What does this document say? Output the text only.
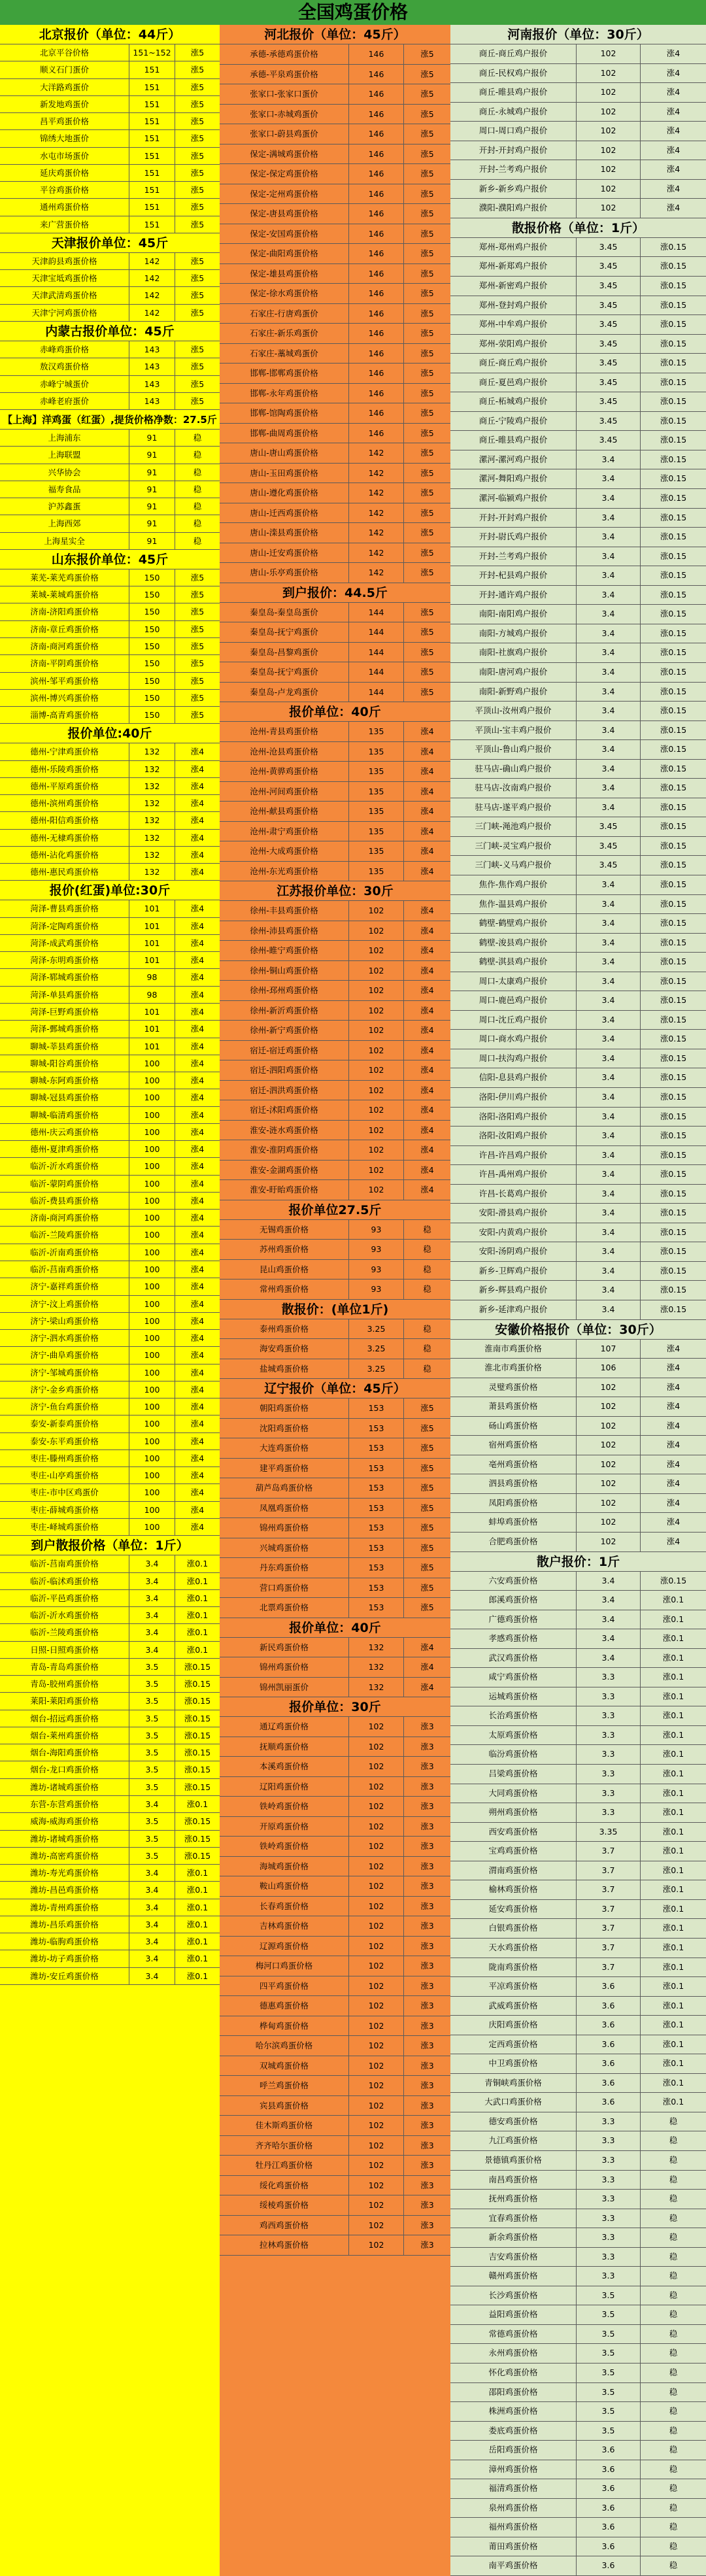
全国鸡蛋价格
北京报价（单位：44斤）
北京平谷价格	151~152	涨5
顺义石门蛋价	151	涨5
大洋路鸡蛋价	151	涨5
新发地鸡蛋价	151	涨5
昌平鸡蛋价格	151	涨5
锦绣大地蛋价	151	涨5
水屯市场蛋价	151	涨5
延庆鸡蛋价格	151	涨5
平谷鸡蛋价格	151	涨5
通州鸡蛋价格	151	涨5
来广营蛋价格	151	涨5
天津报价单位：45斤
天津韵县鸡蛋价格	142	涨5
天津宝坻鸡蛋价格	142	涨5
天津武清鸡蛋价格	142	涨5
天津宁河鸡蛋价格	142	涨5
内蒙古报价单位：45斤
赤峰鸡蛋价格	143	涨5
敖汉鸡蛋价格	143	涨5
赤峰宁城蛋价	143	涨5
赤峰老府蛋价	143	涨5
【上海】洋鸡蛋（红蛋）,提货价格净数：27.5斤
上海浦东	91	稳
上海联盟	91	稳
兴华协会	91	稳
福寿食品	91	稳
沪苏鑫蛋	91	稳
上海西郊	91	稳
上海星实全	91	稳
山东报价单位：45斤
莱芜-莱芜鸡蛋价格	150	涨5
莱城-莱城鸡蛋价格	150	涨5
济南-济阳鸡蛋价格	150	涨5
济南-章丘鸡蛋价格	150	涨5
济南-商河鸡蛋价格	150	涨5
济南-平阴鸡蛋价格	150	涨5
滨州-邹平鸡蛋价格	150	涨5
滨州-博兴鸡蛋价格	150	涨5
淄博-高青鸡蛋价格	150	涨5
报价单位:40斤
德州-宁津鸡蛋价格	132	涨4
德州-乐陵鸡蛋价格	132	涨4
德州-平原鸡蛋价格	132	涨4
德州-滨州鸡蛋价格	132	涨4
德州-阳信鸡蛋价格	132	涨4
德州-无棣鸡蛋价格	132	涨4
德州-沾化鸡蛋价格	132	涨4
德州-惠民鸡蛋价格	132	涨4
报价(红蛋)单位:30斤
菏泽-曹县鸡蛋价格	101	涨4
菏泽-定陶鸡蛋价格	101	涨4
菏泽-成武鸡蛋价格	101	涨4
菏泽-东明鸡蛋价格	101	涨4
菏泽-郓城鸡蛋价格	98	涨4
菏泽-单县鸡蛋价格	98	涨4
菏泽-巨野鸡蛋价格	101	涨4
菏泽-鄄城鸡蛋价格	101	涨4
聊城-莘县鸡蛋价格	101	涨4
聊城-阳谷鸡蛋价格	100	涨4
聊城-东阿鸡蛋价格	100	涨4
聊城-冠县鸡蛋价格	100	涨4
聊城-临清鸡蛋价格	100	涨4
德州-庆云鸡蛋价格	100	涨4
德州-夏津鸡蛋价格	100	涨4
临沂-沂水鸡蛋价格	100	涨4
临沂-蒙阴鸡蛋价格	100	涨4
临沂-费县鸡蛋价格	100	涨4
济南-商河鸡蛋价格	100	涨4
临沂-兰陵鸡蛋价格	100	涨4
临沂-沂南鸡蛋价格	100	涨4
临沂-莒南鸡蛋价格	100	涨4
济宁-嘉祥鸡蛋价格	100	涨4
济宁-汶上鸡蛋价格	100	涨4
济宁-梁山鸡蛋价格	100	涨4
济宁-泗水鸡蛋价格	100	涨4
济宁-曲阜鸡蛋价格	100	涨4
济宁-邹城鸡蛋价格	100	涨4
济宁-金乡鸡蛋价格	100	涨4
济宁-鱼台鸡蛋价格	100	涨4
泰安-新泰鸡蛋价格	100	涨4
泰安-东平鸡蛋价格	100	涨4
枣庄-滕州鸡蛋价格	100	涨4
枣庄-山亭鸡蛋价格	100	涨4
枣庄-市中区鸡蛋价	100	涨4
枣庄-薛城鸡蛋价格	100	涨4
枣庄-峄城鸡蛋价格	100	涨4
到户散报价格（单位：1斤）
临沂-莒南鸡蛋价格	3.4	涨0.1
临沂-临沭鸡蛋价格	3.4	涨0.1
临沂-平邑鸡蛋价格	3.4	涨0.1
临沂-沂水鸡蛋价格	3.4	涨0.1
临沂-兰陵鸡蛋价格	3.4	涨0.1
日照-日照鸡蛋价格	3.4	涨0.1
青岛-青岛鸡蛋价格	3.5	涨0.15
青岛-胶州鸡蛋价格	3.5	涨0.15
莱阳-莱阳鸡蛋价格	3.5	涨0.15
烟台-招远鸡蛋价格	3.5	涨0.15
烟台-莱州鸡蛋价格	3.5	涨0.15
烟台-海阳鸡蛋价格	3.5	涨0.15
烟台-龙口鸡蛋价格	3.5	涨0.15
潍坊-诸城鸡蛋价格	3.5	涨0.15
东营-东营鸡蛋价格	3.4	涨0.1
威海-威海鸡蛋价格	3.5	涨0.15
潍坊-诸城鸡蛋价格	3.5	涨0.15
潍坊-高密鸡蛋价格	3.5	涨0.15
潍坊-寿光鸡蛋价格	3.4	涨0.1
潍坊-昌邑鸡蛋价格	3.4	涨0.1
潍坊-青州鸡蛋价格	3.4	涨0.1
潍坊-昌乐鸡蛋价格	3.4	涨0.1
潍坊-临朐鸡蛋价格	3.4	涨0.1
潍坊-坊子鸡蛋价格	3.4	涨0.1
潍坊-安丘鸡蛋价格	3.4	涨0.1
河北报价（单位：45斤）
承德-承德鸡蛋价格	146	涨5
承德-平泉鸡蛋价格	146	涨5
张家口-张家口蛋价	146	涨5
张家口-赤城鸡蛋价	146	涨5
张家口-蔚县鸡蛋价	146	涨5
保定-满城鸡蛋价格	146	涨5
保定-保定鸡蛋价格	146	涨5
保定-定州鸡蛋价格	146	涨5
保定-唐县鸡蛋价格	146	涨5
保定-安国鸡蛋价格	146	涨5
保定-曲阳鸡蛋价格	146	涨5
保定-雄县鸡蛋价格	146	涨5
保定-徐水鸡蛋价格	146	涨5
石家庄-行唐鸡蛋价	146	涨5
石家庄-新乐鸡蛋价	146	涨5
石家庄-藁城鸡蛋价	146	涨5
邯郸-邯郸鸡蛋价格	146	涨5
邯郸-永年鸡蛋价格	146	涨5
邯郸-馆陶鸡蛋价格	146	涨5
邯郸-曲周鸡蛋价格	146	涨5
唐山-唐山鸡蛋价格	142	涨5
唐山-玉田鸡蛋价格	142	涨5
唐山-遵化鸡蛋价格	142	涨5
唐山-迁西鸡蛋价格	142	涨5
唐山-滦县鸡蛋价格	142	涨5
唐山-迁安鸡蛋价格	142	涨5
唐山-乐亭鸡蛋价格	142	涨5
到户报价：44.5斤
秦皇岛-秦皇岛蛋价	144	涨5
秦皇岛-抚宁鸡蛋价	144	涨5
秦皇岛-昌黎鸡蛋价	144	涨5
秦皇岛-抚宁鸡蛋价	144	涨5
秦皇岛-卢龙鸡蛋价	144	涨5
报价单位：40斤
沧州-青县鸡蛋价格	135	涨4
沧州-沧县鸡蛋价格	135	涨4
沧州-黄骅鸡蛋价格	135	涨4
沧州-河间鸡蛋价格	135	涨4
沧州-献县鸡蛋价格	135	涨4
沧州-肃宁鸡蛋价格	135	涨4
沧州-大成鸡蛋价格	135	涨4
沧州-东光鸡蛋价格	135	涨4
江苏报价单位：30斤
徐州-丰县鸡蛋价格	102	涨4
徐州-沛县鸡蛋价格	102	涨4
徐州-睢宁鸡蛋价格	102	涨4
徐州-铜山鸡蛋价格	102	涨4
徐州-邳州鸡蛋价格	102	涨4
徐州-新沂鸡蛋价格	102	涨4
徐州-新宁鸡蛋价格	102	涨4
宿迁-宿迁鸡蛋价格	102	涨4
宿迁-泗阳鸡蛋价格	102	涨4
宿迁-泗洪鸡蛋价格	102	涨4
宿迁-沭阳鸡蛋价格	102	涨4
淮安-涟水鸡蛋价格	102	涨4
淮安-淮阴鸡蛋价格	102	涨4
淮安-金湖鸡蛋价格	102	涨4
淮安-盱眙鸡蛋价格	102	涨4
报价单位27.5斤
无锡鸡蛋价格	93	稳
苏州鸡蛋价格	93	稳
昆山鸡蛋价格	93	稳
常州鸡蛋价格	93	稳
散报价：(单位1斤)
泰州鸡蛋价格	3.25	稳
海安鸡蛋价格	3.25	稳
盐城鸡蛋价格	3.25	稳
辽宁报价（单位：45斤）
朝阳鸡蛋价格	153	涨5
沈阳鸡蛋价格	153	涨5
大连鸡蛋价格	153	涨5
建平鸡蛋价格	153	涨5
葫芦岛鸡蛋价格	153	涨5
凤凰鸡蛋价格	153	涨5
锦州鸡蛋价格	153	涨5
兴城鸡蛋价格	153	涨5
丹东鸡蛋价格	153	涨5
营口鸡蛋价格	153	涨5
北票鸡蛋价格	153	涨5
报价单位：40斤
新民鸡蛋价格	132	涨4
锦州鸡蛋价格	132	涨4
锦州凯丽蛋价	132	涨4
报价单位：30斤
通辽鸡蛋价格	102	涨3
抚顺鸡蛋价格	102	涨3
本溪鸡蛋价格	102	涨3
辽阳鸡蛋价格	102	涨3
铁岭鸡蛋价格	102	涨3
开原鸡蛋价格	102	涨3
铁岭鸡蛋价格	102	涨3
海城鸡蛋价格	102	涨3
鞍山鸡蛋价格	102	涨3
长春鸡蛋价格	102	涨3
吉林鸡蛋价格	102	涨3
辽源鸡蛋价格	102	涨3
梅河口鸡蛋价格	102	涨3
四平鸡蛋价格	102	涨3
德惠鸡蛋价格	102	涨3
桦甸鸡蛋价格	102	涨3
哈尔滨鸡蛋价格	102	涨3
双城鸡蛋价格	102	涨3
呼兰鸡蛋价格	102	涨3
宾县鸡蛋价格	102	涨3
佳木斯鸡蛋价格	102	涨3
齐齐哈尔蛋价格	102	涨3
牡丹江鸡蛋价格	102	涨3
绥化鸡蛋价格	102	涨3
绥棱鸡蛋价格	102	涨3
鸡西鸡蛋价格	102	涨3
拉林鸡蛋价格	102	涨3
河南报价（单位：30斤）
商丘-商丘鸡户报价	102	涨4
商丘-民权鸡户报价	102	涨4
商丘-睢县鸡户报价	102	涨4
商丘-永城鸡户报价	102	涨4
周口-周口鸡户报价	102	涨4
开封-开封鸡户报价	102	涨4
开封-兰考鸡户报价	102	涨4
新乡-新乡鸡户报价	102	涨4
濮阳-濮阳鸡户报价	102	涨4
散报价格（单位：1斤）
郑州-郑州鸡户报价	3.45	涨0.15
郑州-新郑鸡户报价	3.45	涨0.15
郑州-新密鸡户报价	3.45	涨0.15
郑州-登封鸡户报价	3.45	涨0.15
郑州-中牟鸡户报价	3.45	涨0.15
郑州-荥阳鸡户报价	3.45	涨0.15
商丘-商丘鸡户报价	3.45	涨0.15
商丘-夏邑鸡户报价	3.45	涨0.15
商丘-柘城鸡户报价	3.45	涨0.15
商丘-宁陵鸡户报价	3.45	涨0.15
商丘-睢县鸡户报价	3.45	涨0.15
漯河-漯河鸡户报价	3.4	涨0.15
漯河-舞阳鸡户报价	3.4	涨0.15
漯河-临颍鸡户报价	3.4	涨0.15
开封-开封鸡户报价	3.4	涨0.15
开封-尉氏鸡户报价	3.4	涨0.15
开封-兰考鸡户报价	3.4	涨0.15
开封-杞县鸡户报价	3.4	涨0.15
开封-通许鸡户报价	3.4	涨0.15
南阳-南阳鸡户报价	3.4	涨0.15
南阳-方城鸡户报价	3.4	涨0.15
南阳-社旗鸡户报价	3.4	涨0.15
南阳-唐河鸡户报价	3.4	涨0.15
南阳-新野鸡户报价	3.4	涨0.15
平顶山-汝州鸡户报价	3.4	涨0.15
平顶山-宝丰鸡户报价	3.4	涨0.15
平顶山-鲁山鸡户报价	3.4	涨0.15
驻马店-确山鸡户报价	3.4	涨0.15
驻马店-汝南鸡户报价	3.4	涨0.15
驻马店-遂平鸡户报价	3.4	涨0.15
三门峡-渑池鸡户报价	3.45	涨0.15
三门峡-灵宝鸡户报价	3.45	涨0.15
三门峡-义马鸡户报价	3.45	涨0.15
焦作-焦作鸡户报价	3.4	涨0.15
焦作-温县鸡户报价	3.4	涨0.15
鹤壁-鹤壁鸡户报价	3.4	涨0.15
鹤壁-浚县鸡户报价	3.4	涨0.15
鹤壁-淇县鸡户报价	3.4	涨0.15
周口-太康鸡户报价	3.4	涨0.15
周口-鹿邑鸡户报价	3.4	涨0.15
周口-沈丘鸡户报价	3.4	涨0.15
周口-商水鸡户报价	3.4	涨0.15
周口-扶沟鸡户报价	3.4	涨0.15
信阳-息县鸡户报价	3.4	涨0.15
洛阳-伊川鸡户报价	3.4	涨0.15
洛阳-洛阳鸡户报价	3.4	涨0.15
洛阳-汝阳鸡户报价	3.4	涨0.15
许昌-许昌鸡户报价	3.4	涨0.15
许昌-禹州鸡户报价	3.4	涨0.15
许昌-长葛鸡户报价	3.4	涨0.15
安阳-滑县鸡户报价	3.4	涨0.15
安阳-内黄鸡户报价	3.4	涨0.15
安阳-汤阴鸡户报价	3.4	涨0.15
新乡-卫辉鸡户报价	3.4	涨0.15
新乡-辉县鸡户报价	3.4	涨0.15
新乡-延津鸡户报价	3.4	涨0.15
安徽价格报价（单位：30斤）
淮南市鸡蛋价格	107	涨4
淮北市鸡蛋价格	106	涨4
灵璧鸡蛋价格	102	涨4
萧县鸡蛋价格	102	涨4
砀山鸡蛋价格	102	涨4
宿州鸡蛋价格	102	涨4
亳州鸡蛋价格	102	涨4
泗县鸡蛋价格	102	涨4
凤阳鸡蛋价格	102	涨4
蚌埠鸡蛋价格	102	涨4
合肥鸡蛋价格	102	涨4
散户报价：1斤
六安鸡蛋价格	3.4	涨0.15
郎溪鸡蛋价格	3.4	涨0.1
广德鸡蛋价格	3.4	涨0.1
孝感鸡蛋价格	3.4	涨0.1
武汉鸡蛋价格	3.4	涨0.1
咸宁鸡蛋价格	3.3	涨0.1
运城鸡蛋价格	3.3	涨0.1
长治鸡蛋价格	3.3	涨0.1
太原鸡蛋价格	3.3	涨0.1
临汾鸡蛋价格	3.3	涨0.1
吕梁鸡蛋价格	3.3	涨0.1
大同鸡蛋价格	3.3	涨0.1
朔州鸡蛋价格	3.3	涨0.1
西安鸡蛋价格	3.35	涨0.1
宝鸡鸡蛋价格	3.7	涨0.1
渭南鸡蛋价格	3.7	涨0.1
榆林鸡蛋价格	3.7	涨0.1
延安鸡蛋价格	3.7	涨0.1
白银鸡蛋价格	3.7	涨0.1
天水鸡蛋价格	3.7	涨0.1
陇南鸡蛋价格	3.7	涨0.1
平凉鸡蛋价格	3.6	涨0.1
武威鸡蛋价格	3.6	涨0.1
庆阳鸡蛋价格	3.6	涨0.1
定西鸡蛋价格	3.6	涨0.1
中卫鸡蛋价格	3.6	涨0.1
青铜峡鸡蛋价格	3.6	涨0.1
大武口鸡蛋价格	3.6	涨0.1
德安鸡蛋价格	3.3	稳
九江鸡蛋价格	3.3	稳
景德镇鸡蛋价格	3.3	稳
南昌鸡蛋价格	3.3	稳
抚州鸡蛋价格	3.3	稳
宜春鸡蛋价格	3.3	稳
新余鸡蛋价格	3.3	稳
吉安鸡蛋价格	3.3	稳
赣州鸡蛋价格	3.3	稳
长沙鸡蛋价格	3.5	稳
益阳鸡蛋价格	3.5	稳
常德鸡蛋价格	3.5	稳
永州鸡蛋价格	3.5	稳
怀化鸡蛋价格	3.5	稳
邵阳鸡蛋价格	3.5	稳
株洲鸡蛋价格	3.5	稳
娄底鸡蛋价格	3.5	稳
岳阳鸡蛋价格	3.6	稳
漳州鸡蛋价格	3.6	稳
福清鸡蛋价格	3.6	稳
泉州鸡蛋价格	3.6	稳
福州鸡蛋价格	3.6	稳
莆田鸡蛋价格	3.6	稳
南平鸡蛋价格	3.6	稳
